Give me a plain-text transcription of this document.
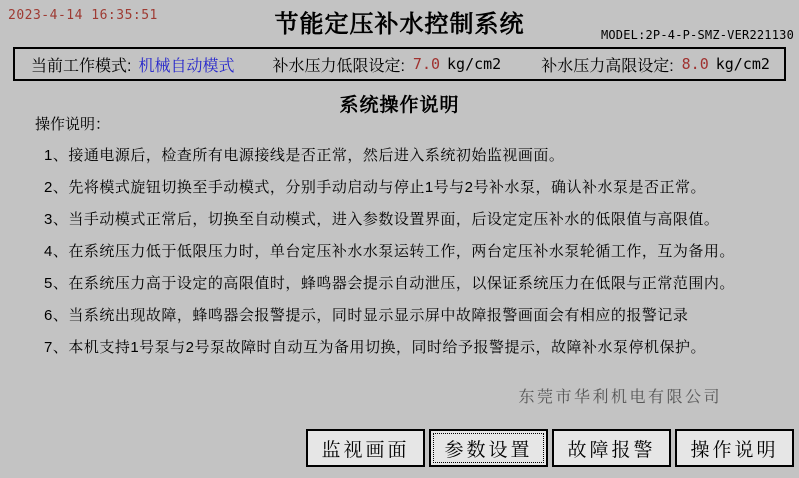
2023-4-14 16:35:51	节能定压补水控制系统	MODEL:2P-4-P-SMZ-VER221130
当前工作模式: 机械自动模式 补水压力低限设定: 7.0 kg/cm2	补水压力高限设定: 8.0 kg/cm2
系统操作说明
操作说明：

1、接通电源后，检查所有电源接线是否正常，然后进入系统初始监视画面。

2、先将模式旋钮切换至手动模式，分别手动启动与停止1号与2号补水泵，确认补水泵是否正常。

3、当手动模式正常后，切换至自动模式，进入参数设置界面，后设定定压补水的低限值与高限值。

4、在系统压力低于低限压力时，单台定压补水水泵运转工作，两台定压补水泵轮循工作，互为备用。

5、在系统压力高于设定的高限值时，蜂鸣器会提示自动泄压，以保证系统压力在低限与正常范围内。

6、当系统出现故障，蜂鸣器会报警提示，同时显示显示屏中故障报警画面会有相应的报警记录

7、本机支持1号泵与2号泵故障时自动互为备用切换，同时给予报警提示，故障补水泵停机保护。

东莞市华利机电有限公司
监视画面	参数设置	故障报警	操作说明
